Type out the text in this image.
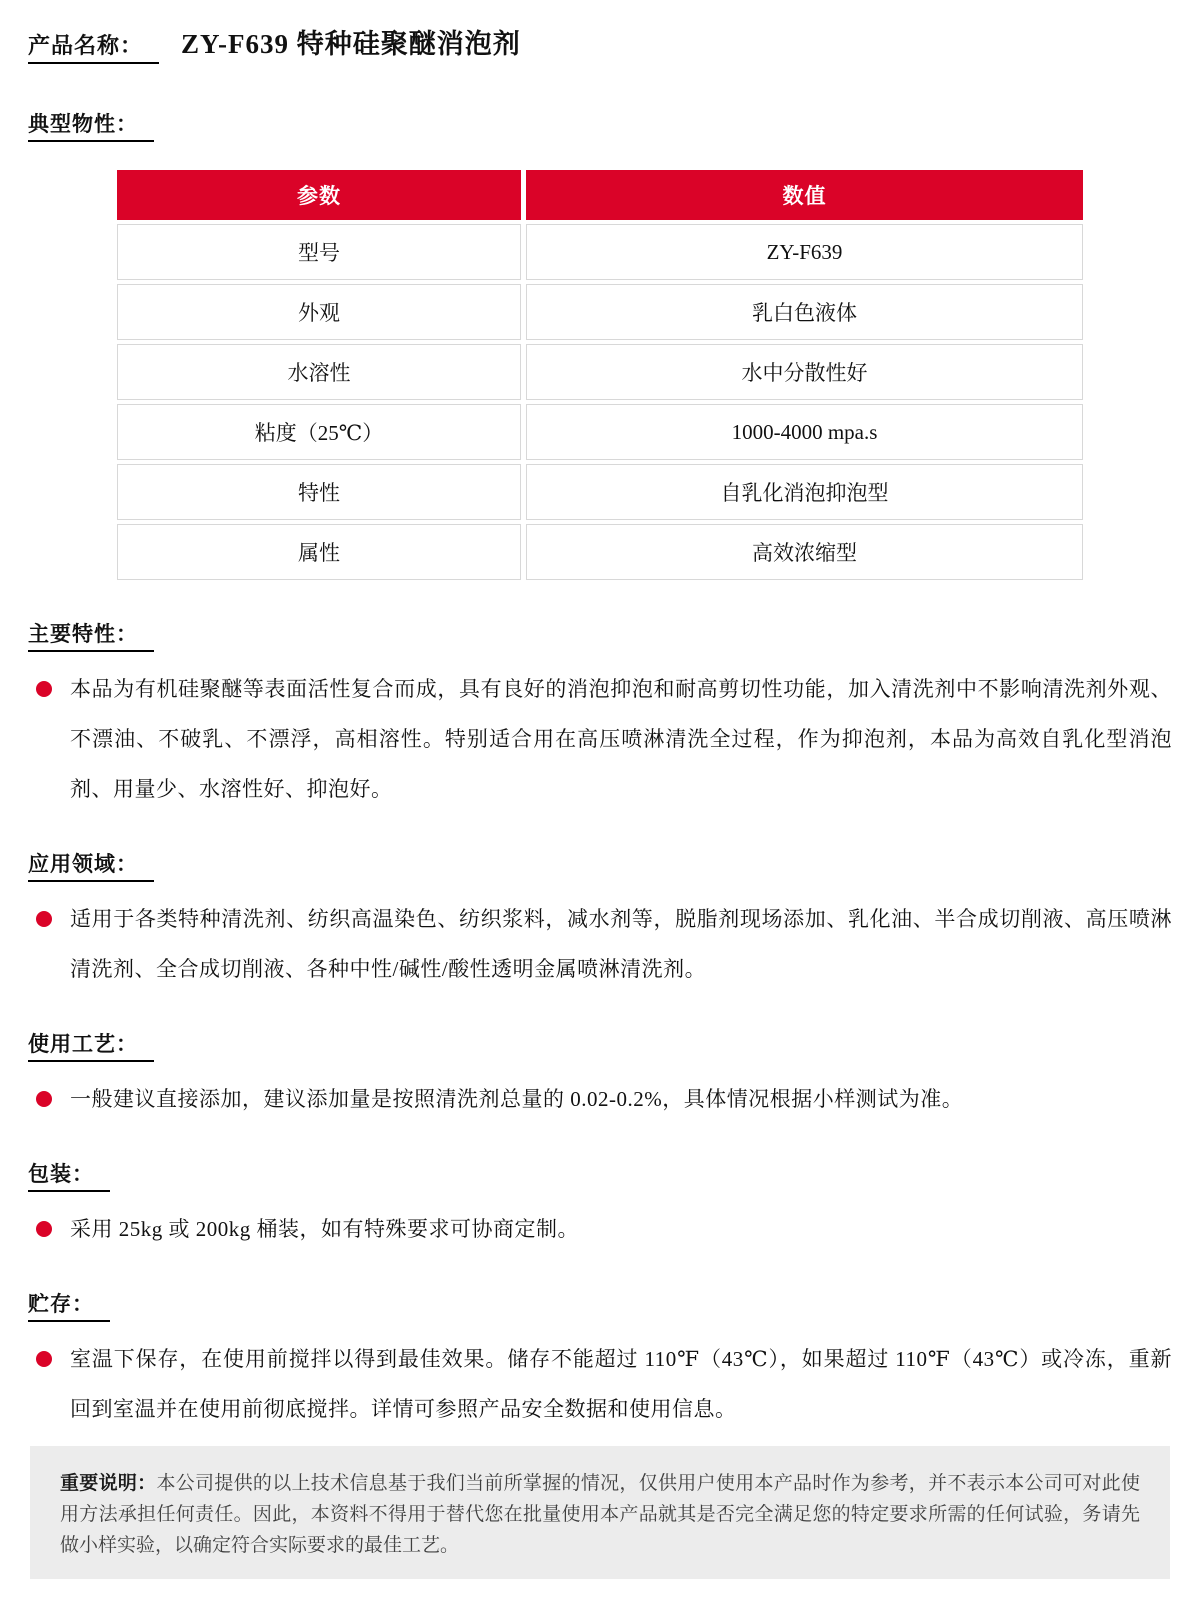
产品名称：	ZY-F639 特种硅聚醚消泡剂
典型物性：
参数	数值
型号	ZY-F639
外观	乳白色液体
水溶性	水中分散性好
粘度（25℃）	1000-4000 mpa.s
特性	自乳化消泡抑泡型
属性	高效浓缩型
主要特性：
本品为有机硅聚醚等表面活性复合而成，具有良好的消泡抑泡和耐高剪切性功能，加入清洗剂中不影响清洗剂外观、不漂油、不破乳、不漂浮，高相溶性。特别适合用在高压喷淋清洗全过程，作为抑泡剂，本品为高效自乳化型消泡剂、用量少、水溶性好、抑泡好。
应用领域：
适用于各类特种清洗剂、纺织高温染色、纺织浆料，减水剂等，脱脂剂现场添加、乳化油、半合成切削液、高压喷淋清洗剂、全合成切削液、各种中性/碱性/酸性透明金属喷淋清洗剂。
使用工艺：
一般建议直接添加，建议添加量是按照清洗剂总量的 0.02-0.2%，具体情况根据小样测试为准。
包装：
采用 25kg 或 200kg 桶装，如有特殊要求可协商定制。
贮存：
室温下保存，在使用前搅拌以得到最佳效果。储存不能超过 110℉（43℃），如果超过 110℉（43℃）或冷冻，重新回到室温并在使用前彻底搅拌。详情可参照产品安全数据和使用信息。
重要说明：本公司提供的以上技术信息基于我们当前所掌握的情况，仅供用户使用本产品时作为参考，并不表示本公司可对此使用方法承担任何责任。因此，本资料不得用于替代您在批量使用本产品就其是否完全满足您的特定要求所需的任何试验，务请先做小样实验，以确定符合实际要求的最佳工艺。
